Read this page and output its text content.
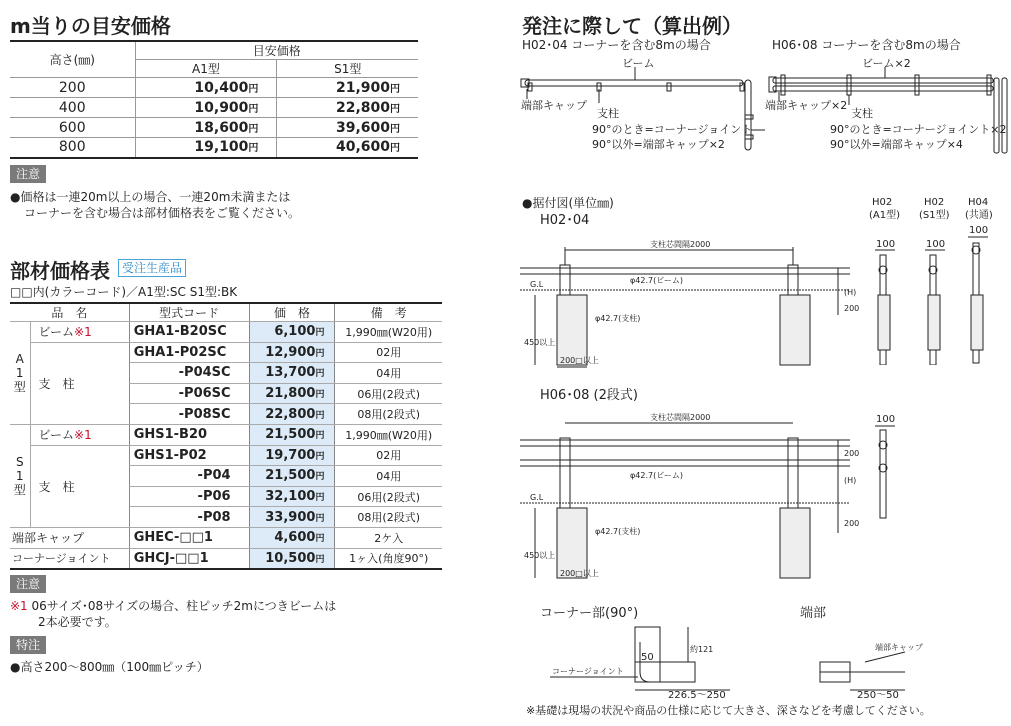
m当りの目安価格
高さ(㎜)	目安価格	
	A1型	S1型
200	10,400円	21,900円
400	10,900円	22,800円
600	18,600円	39,600円
800	19,100円	40,600円
注意
●価格は一連20m以上の場合、一連20m未満または
コーナーを含む場合は部材価格表をご覧ください。
部材価格表	受注生産品
□□内(カラーコード)／A1型:SC S1型:BK
品　名		型式コード	価　格	備　考
A
1
型	ビーム※1	GHA1-B20SC	6,100円	1,990㎜(W20用)
	支　柱	GHA1-P02SC	12,900円	02用
		-P04SC	13,700円	04用
		-P06SC	21,800円	06用(2段式)
		-P08SC	22,800円	08用(2段式)
S
1
型	ビーム※1	GHS1-B20	21,500円	1,990㎜(W20用)
	支　柱	GHS1-P02	19,700円	02用
		-P04	21,500円	04用
		-P06	32,100円	06用(2段式)
		-P08	33,900円	08用(2段式)
端部キャップ		GHEC-□□1	4,600円	2ケ入
コーナージョイント		GHCJ-□□1	10,500円	1ヶ入(角度90°)
注意
※1 06サイズ･08サイズの場合、柱ピッチ2mにつきビームは
2本必要です。
特注
●高さ200～800㎜（100㎜ピッチ）
発注に際して（算出例）
H02･04 コーナーを含む8mの場合	H06･08 コーナーを含む8mの場合
ビーム
端部キャップ
支柱
90°のとき=コーナージョイント
90°以外=端部キャップ×2
ビーム×2
端部キャップ×2
支柱
90°のとき=コーナージョイント×2
90°以外=端部キャップ×4
●据付図(単位㎜)
H02･04
支柱芯間隔2000
G.L	φ42.7(ビーム)
φ42.7(支柱)
(H)
200
450以上
200□以上
H02
(A1型)
H02
(S1型)
H04
(共通)
100	100
100
H06･08 (2段式)
支柱芯間隔2000
G.L
φ42.7(ビーム)
φ42.7(支柱)
200
(H)
200
450以上
200□以上
100
コーナー部(90°)	端部
50
約121
コーナージョイント
226.5～250
端部キャップ
250～50
※基礎は現場の状況や商品の仕様に応じて大きさ、深さなどを考慮してください。
